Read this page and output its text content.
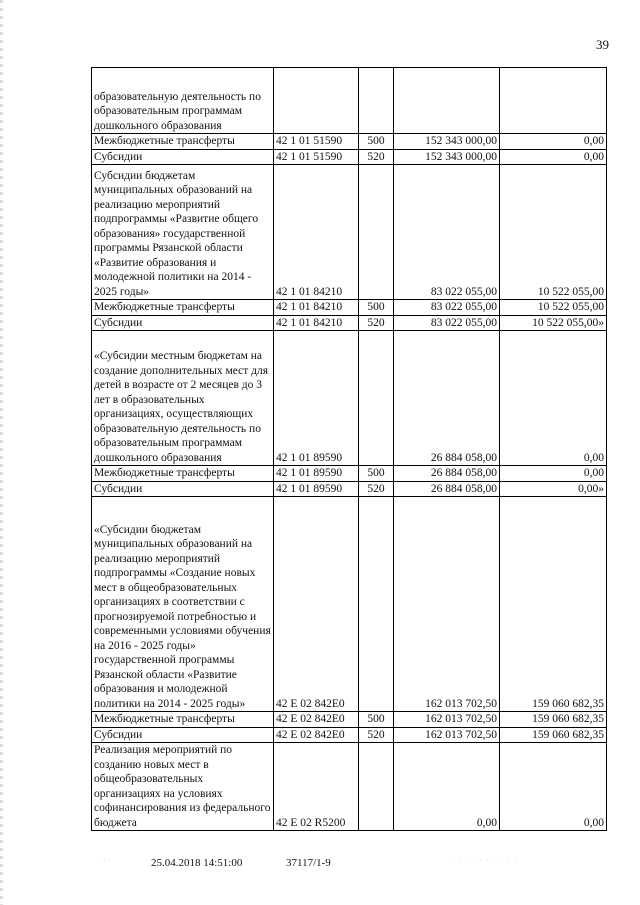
39
образовательную деятельность по образовательным программам дошкольного образования				
Межбюджетные трансферты	42 1 01 51590	500	152 343 000,00	0,00
Субсидии	42 1 01 51590	520	152 343 000,00	0,00
Субсидии бюджетам муниципальных образований на реализацию мероприятий подпрограммы «Развитие общего образования» государственной программы Рязанской области «Развитие образования и молодежной политики на 2014 - 2025 годы»	42 1 01 84210		83 022 055,00	10 522 055,00
Межбюджетные трансферты	42 1 01 84210	500	83 022 055,00	10 522 055,00
Субсидии	42 1 01 84210	520	83 022 055,00	10 522 055,00»
«Субсидии местным бюджетам на создание дополнительных мест для детей в возрасте от 2 месяцев до 3 лет в образовательных организациях, осуществляющих образовательную деятельность по образовательным программам дошкольного образования	42 1 01 89590		26 884 058,00	0,00
Межбюджетные трансферты	42 1 01 89590	500	26 884 058,00	0,00
Субсидии	42 1 01 89590	520	26 884 058,00	0,00»
«Субсидии бюджетам муниципальных образований на реализацию мероприятий подпрограммы «Создание новых мест в общеобразовательных организациях в соответствии с прогнозируемой потребностью и современными условиями обучения на 2016 - 2025 годы» государственной программы Рязанской области «Развитие образования и молодежной политики на 2014 - 2025 годы»	42 E 02 842E0		162 013 702,50	159 060 682,35
Межбюджетные трансферты	42 E 02 842E0	500	162 013 702,50	159 060 682,35
Субсидии	42 E 02 842E0	520	162 013 702,50	159 060 682,35
Реализация мероприятий по созданию новых мест в общеобразовательных организациях на условиях софинансирования из федерального бюджета	42 E 02 R5200		0,00	0,00
25.04.2018 14:51:00	37117/1-9
·:·	· · · · · · · · · ·
